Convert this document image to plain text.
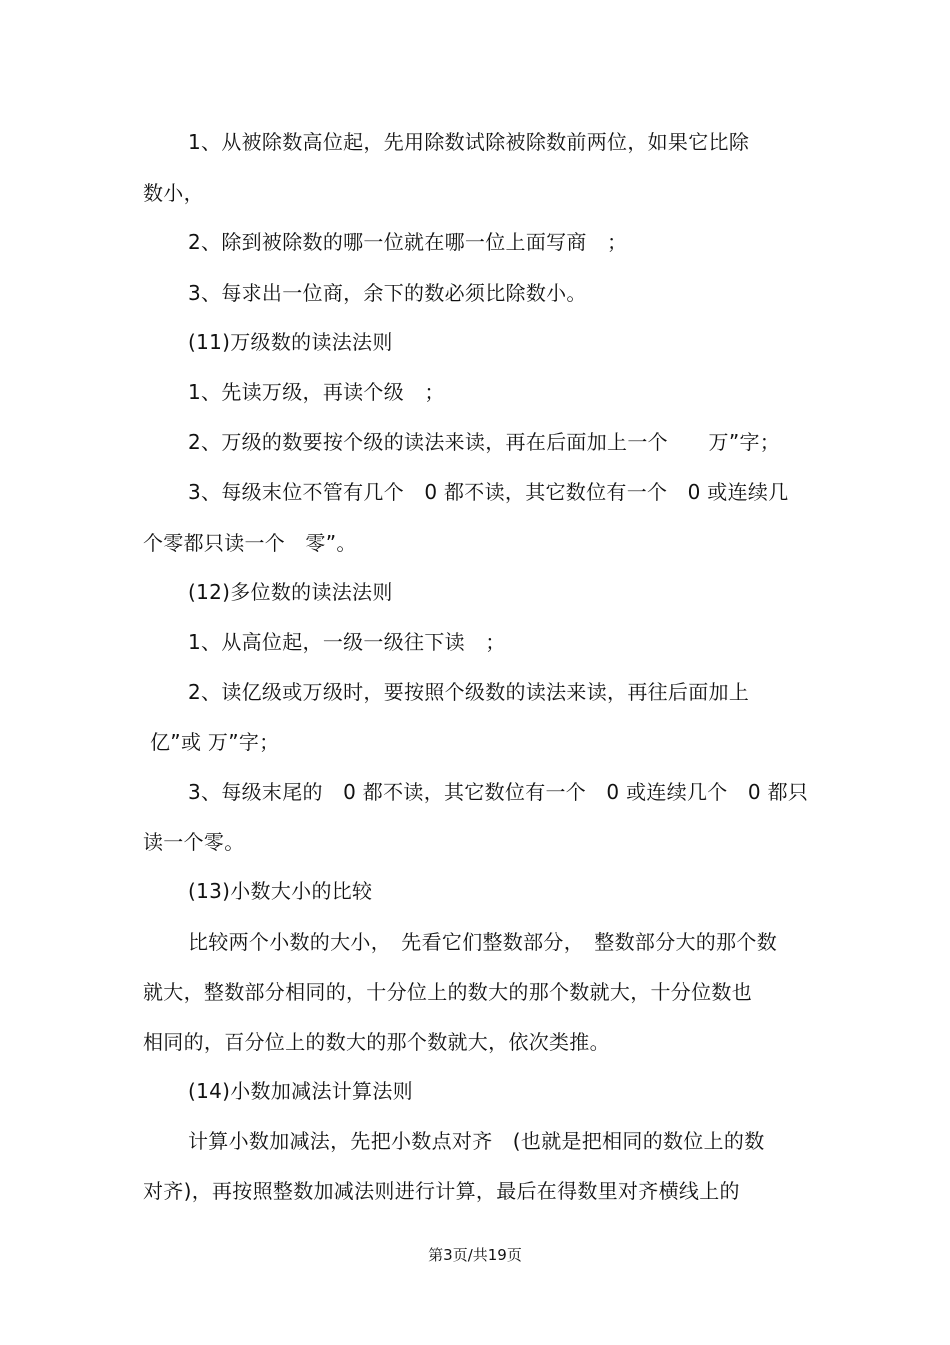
1、从被除数高位起，先用除数试除被除数前两位，如果它比除
数小，
2、除到被除数的哪一位就在哪一位上面写商　；
3、每求出一位商，余下的数必须比除数小。
(11)万级数的读法法则
1、先读万级，再读个级　；
2、万级的数要按个级的读法来读，再在后面加上一个　　万”字；
3、每级末位不管有几个　0 都不读，其它数位有一个　0 或连续几
个零都只读一个　零”。
(12)多位数的读法法则
1、从高位起，一级一级往下读　；
2、读亿级或万级时，要按照个级数的读法来读，再往后面加上
亿”或 万”字；
3、每级末尾的　0 都不读，其它数位有一个　0 或连续几个　0 都只
读一个零。
(13)小数大小的比较
比较两个小数的大小，　先看它们整数部分，　整数部分大的那个数
就大，整数部分相同的，十分位上的数大的那个数就大，十分位数也
相同的，百分位上的数大的那个数就大，依次类推。
(14)小数加减法计算法则
计算小数加减法，先把小数点对齐　(也就是把相同的数位上的数
对齐)，再按照整数加减法则进行计算，最后在得数里对齐横线上的
第3页/共19页
